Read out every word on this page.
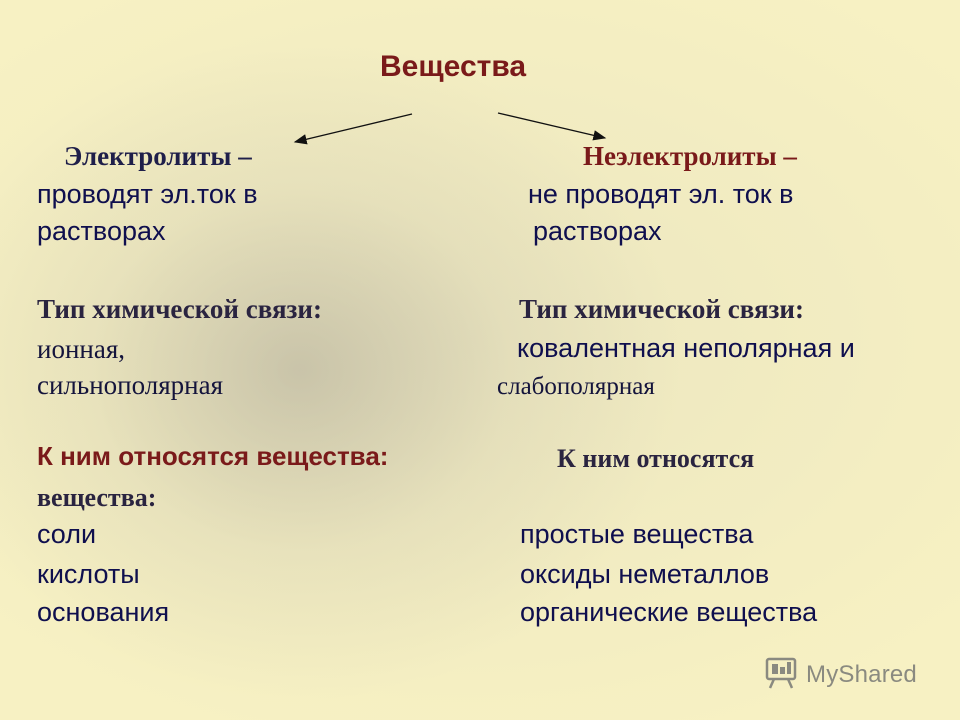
Вещества
Электролиты –
проводят эл.ток в
растворах
Тип химической связи:
ионная,
сильнополярная
К ним относятся вещества:
вещества:
соли
кислоты
основания
Неэлектролиты –
не проводят эл. ток в
растворах
Тип химической связи:
ковалентная неполярная и
слабополярная
К ним относятся
простые вещества
оксиды неметаллов
органические вещества
MyShared
